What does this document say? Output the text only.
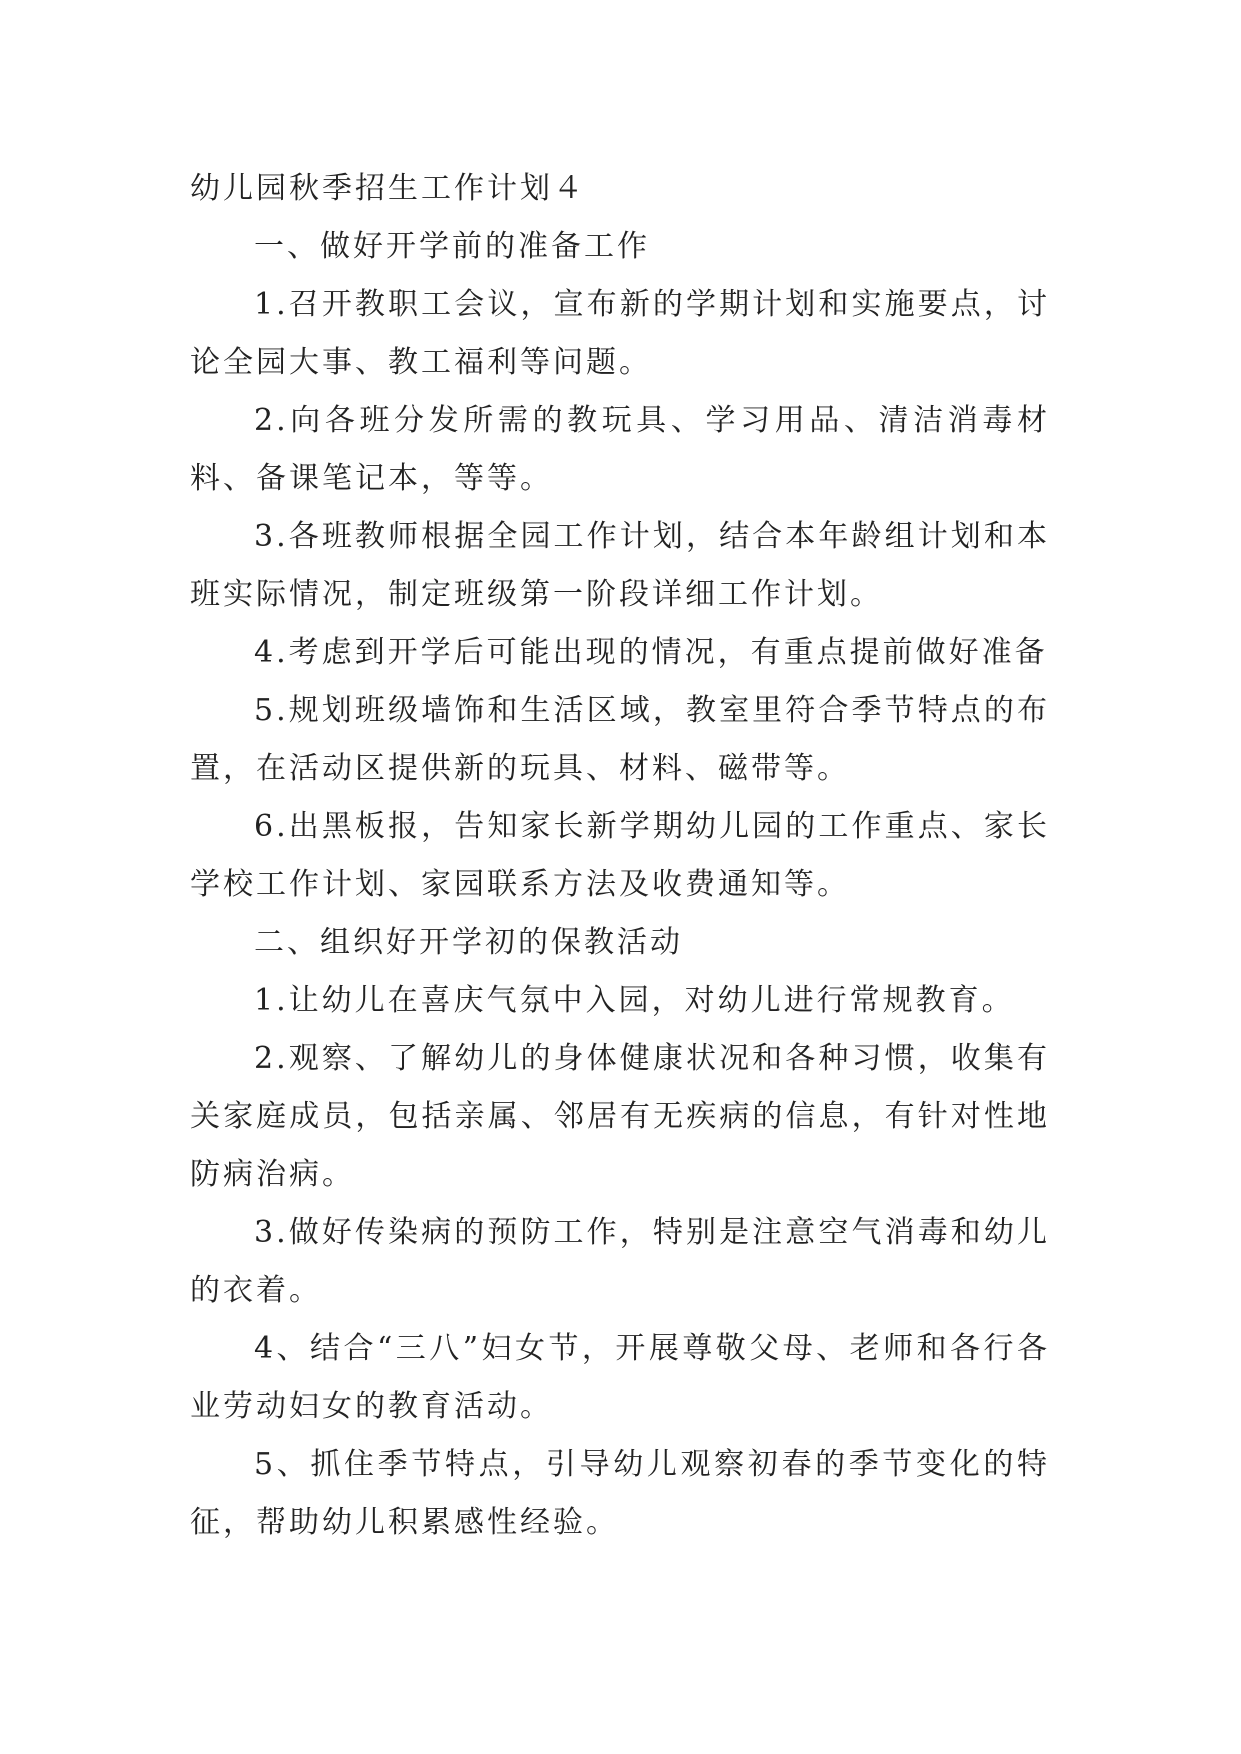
幼儿园秋季招生工作计划４

一、做好开学前的准备工作

1.召开教职工会议，宣布新的学期计划和实施要点，讨论全园大事、教工福利等问题。

2.向各班分发所需的教玩具、学习用品、清洁消毒材料、备课笔记本，等等。

3.各班教师根据全园工作计划，结合本年龄组计划和本班实际情况，制定班级第一阶段详细工作计划。

4.考虑到开学后可能出现的情况，有重点提前做好准备

5.规划班级墙饰和生活区域，教室里符合季节特点的布置，在活动区提供新的玩具、材料、磁带等。

6.出黑板报，告知家长新学期幼儿园的工作重点、家长学校工作计划、家园联系方法及收费通知等。

二、组织好开学初的保教活动

1.让幼儿在喜庆气氛中入园，对幼儿进行常规教育。

2.观察、了解幼儿的身体健康状况和各种习惯，收集有关家庭成员，包括亲属、邻居有无疾病的信息，有针对性地防病治病。

3.做好传染病的预防工作，特别是注意空气消毒和幼儿的衣着。

4、结合“三八”妇女节，开展尊敬父母、老师和各行各业劳动妇女的教育活动。

5、抓住季节特点，引导幼儿观察初春的季节变化的特征，帮助幼儿积累感性经验。
